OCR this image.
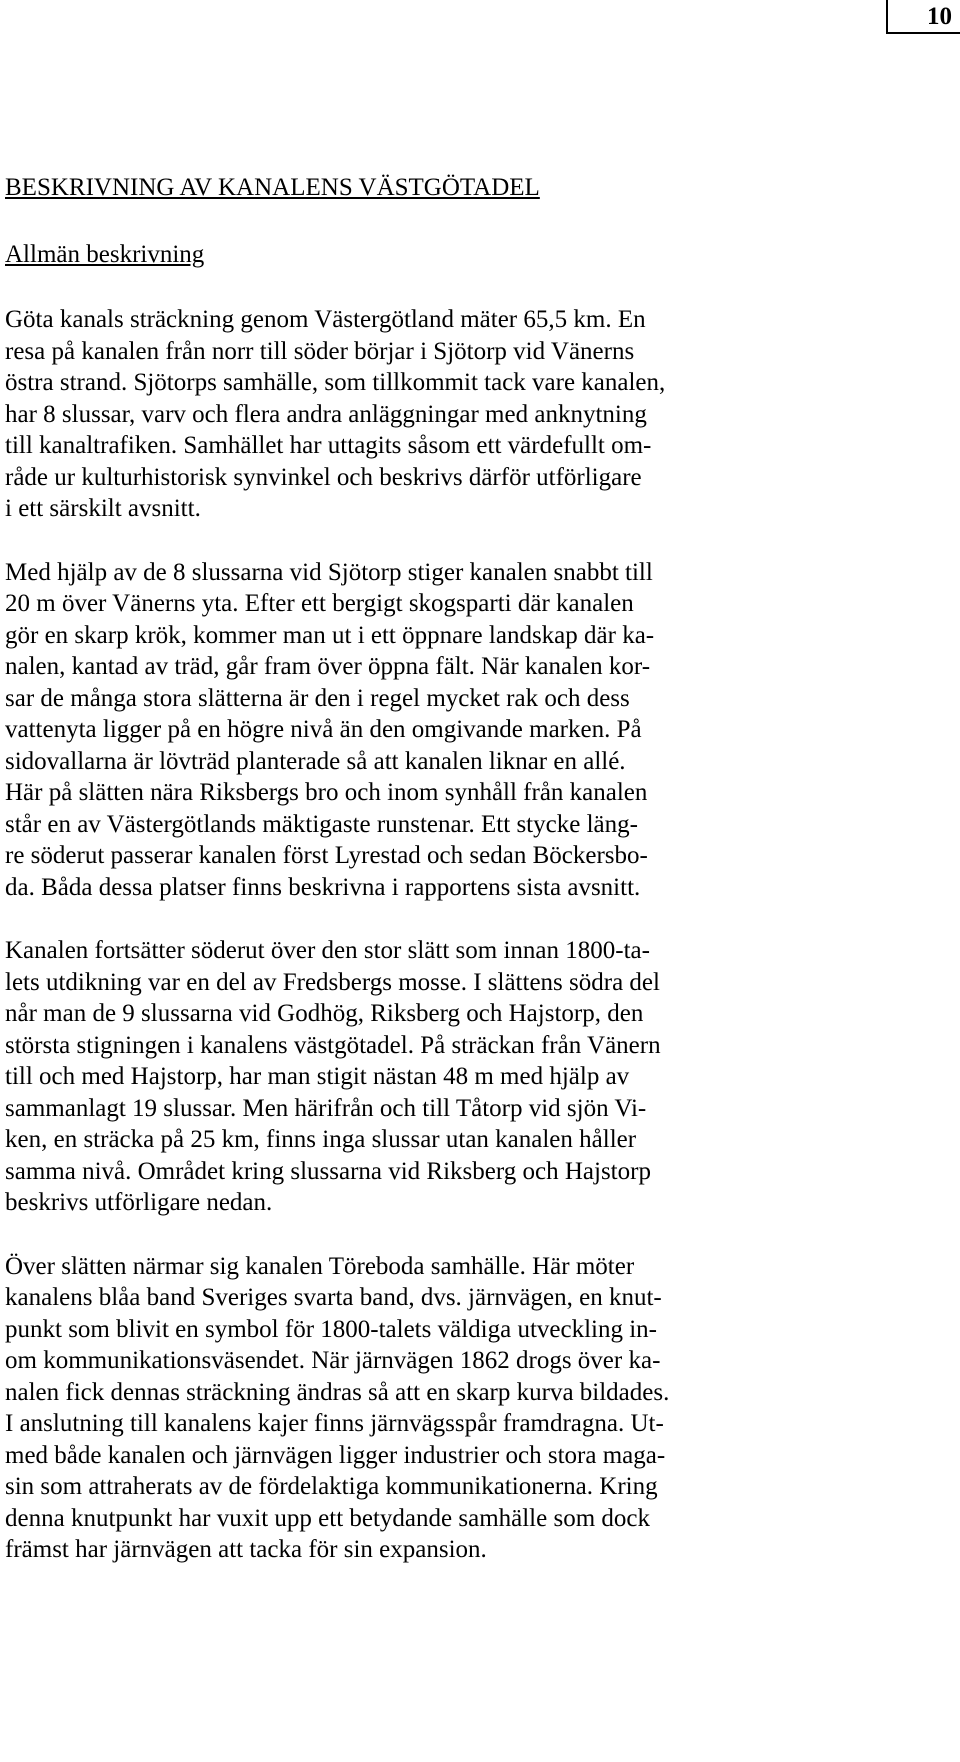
10
BESKRIVNING AV KANALENS VÄSTGÖTADEL
Allmän beskrivning

Göta kanals sträckning genom Västergötland mäter 65,5 km. En
resa på kanalen från norr till söder börjar i Sjötorp vid Vänerns
östra strand. Sjötorps samhälle, som tillkommit tack vare kanalen,
har 8 slussar, varv och flera andra anläggningar med anknytning
till kanaltrafiken. Samhället har uttagits såsom ett värdefullt om-
råde ur kulturhistorisk synvinkel och beskrivs därför utförligare
i ett särskilt avsnitt.

Med hjälp av de 8 slussarna vid Sjötorp stiger kanalen snabbt till
20 m över Vänerns yta. Efter ett bergigt skogsparti där kanalen
gör en skarp krök, kommer man ut i ett öppnare landskap där ka-
nalen, kantad av träd, går fram över öppna fält. När kanalen kor-
sar de många stora slätterna är den i regel mycket rak och dess
vattenyta ligger på en högre nivå än den omgivande marken. På
sidovallarna är lövträd planterade så att kanalen liknar en allé.
Här på slätten nära Riksbergs bro och inom synhåll från kanalen
står en av Västergötlands mäktigaste runstenar. Ett stycke läng-
re söderut passerar kanalen först Lyrestad och sedan Böckersbo-
da. Båda dessa platser finns beskrivna i rapportens sista avsnitt.

Kanalen fortsätter söderut över den stor slätt som innan 1800-ta-
lets utdikning var en del av Fredsbergs mosse. I slättens södra del
når man de 9 slussarna vid Godhög, Riksberg och Hajstorp, den
största stigningen i kanalens västgötadel. På sträckan från Vänern
till och med Hajstorp, har man stigit nästan 48 m med hjälp av
sammanlagt 19 slussar. Men härifrån och till Tåtorp vid sjön Vi-
ken, en sträcka på 25 km, finns inga slussar utan kanalen håller
samma nivå. Området kring slussarna vid Riksberg och Hajstorp
beskrivs utförligare nedan.

Över slätten närmar sig kanalen Töreboda samhälle. Här möter
kanalens blåa band Sveriges svarta band, dvs. järnvägen, en knut-
punkt som blivit en symbol för 1800-talets väldiga utveckling in-
om kommunikationsväsendet. När järnvägen 1862 drogs över ka-
nalen fick dennas sträckning ändras så att en skarp kurva bildades.
I anslutning till kanalens kajer finns järnvägsspår framdragna. Ut-
med både kanalen och järnvägen ligger industrier och stora maga-
sin som attraherats av de fördelaktiga kommunikationerna. Kring
denna knutpunkt har vuxit upp ett betydande samhälle som dock
främst har järnvägen att tacka för sin expansion.
